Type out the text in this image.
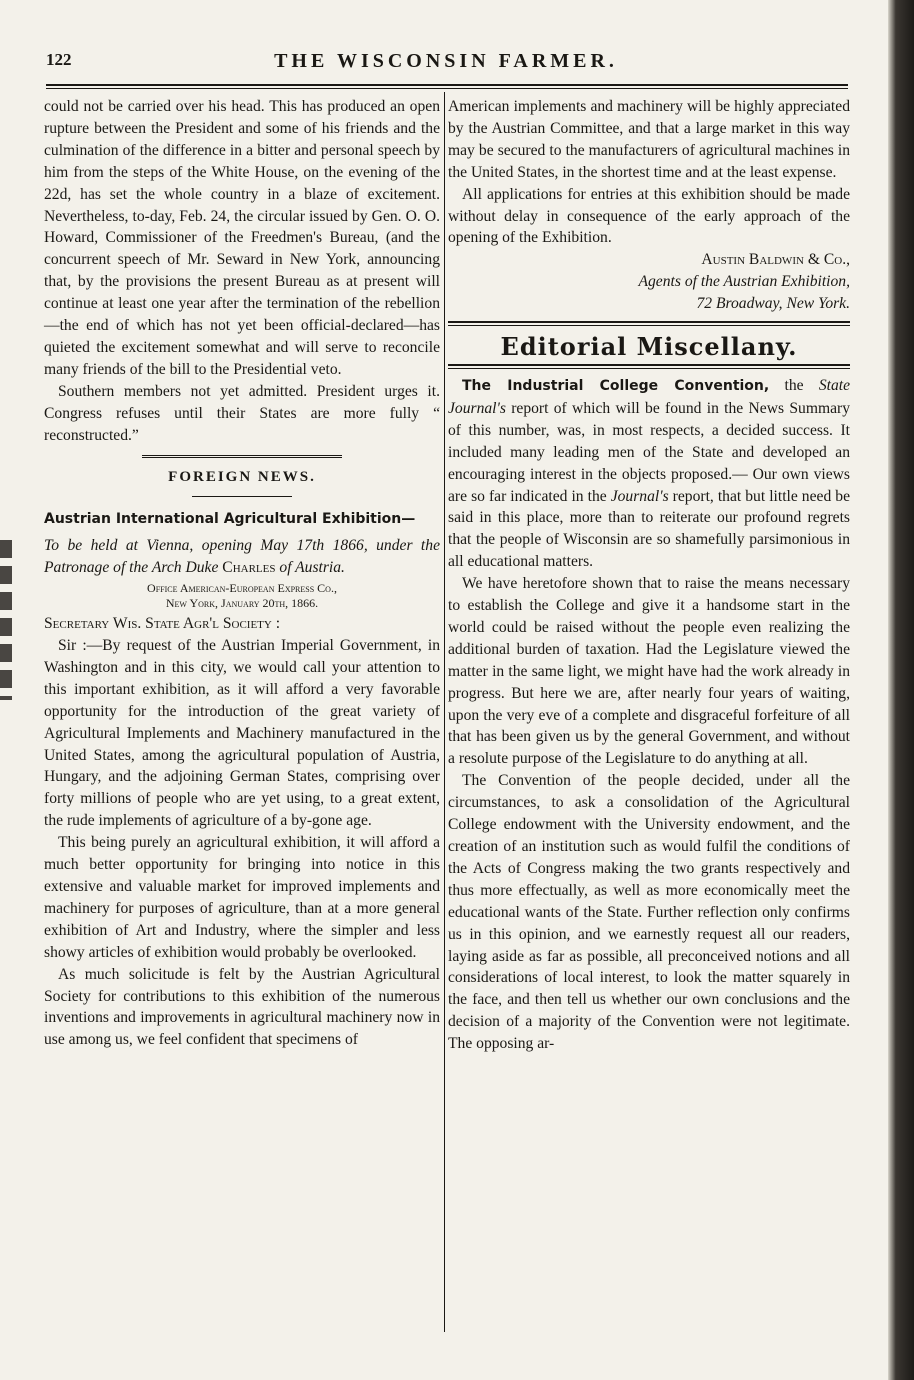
122	THE WISCONSIN FARMER.

could not be carried over his head. This has produced an open rupture between the President and some of his friends and the culmination of the difference in a bitter and personal speech by him from the steps of the White House, on the evening of the 22d, has set the whole country in a blaze of excitement. Nevertheless, to-day, Feb. 24, the circular issued by Gen. O. O. Howard, Commissioner of the Freedmen's Bureau, (and the concurrent speech of Mr. Seward in New York, announcing that, by the provisions the present Bureau as at present will continue at least one year after the termination of the rebellion—the end of which has not yet been official-declared—has quieted the excitement somewhat and will serve to reconcile many friends of the bill to the Presidential veto.

Southern members not yet admitted. President urges it. Congress refuses until their States are more fully “ reconstructed.”

FOREIGN NEWS.

Austrian International Agricultural Exhibition—

To be held at Vienna, opening May 17th 1866, under the Patronage of the Arch Duke Charles of Austria.

Office American-European Express Co.,
New York, January 20th, 1866.

Secretary Wis. State Agr'l Society :

Sir :—By request of the Austrian Imperial Government, in Washington and in this city, we would call your attention to this important exhibition, as it will afford a very favorable opportunity for the introduction of the great variety of Agricultural Implements and Machinery manufactured in the United States, among the agricultural population of Austria, Hungary, and the adjoining German States, comprising over forty millions of people who are yet using, to a great extent, the rude implements of agriculture of a by-gone age.

This being purely an agricultural exhibition, it will afford a much better opportunity for bringing into notice in this extensive and valuable market for improved implements and machinery for purposes of agriculture, than at a more general exhibition of Art and Industry, where the simpler and less showy articles of exhibition would probably be overlooked.

As much solicitude is felt by the Austrian Agricultural Society for contributions to this exhibition of the numerous inventions and improvements in agricultural machinery now in use among us, we feel confident that specimens of

American implements and machinery will be highly appreciated by the Austrian Committee, and that a large market in this way may be secured to the manufacturers of agricultural machines in the United States, in the shortest time and at the least expense.

All applications for entries at this exhibition should be made without delay in consequence of the early approach of the opening of the Exhibition.

Austin Baldwin & Co.,

Agents of the Austrian Exhibition,

72 Broadway, New York.

Editorial Miscellany.

The Industrial College Convention, the State Journal's report of which will be found in the News Summary of this number, was, in most respects, a decided success. It included many leading men of the State and developed an encouraging interest in the objects proposed.— Our own views are so far indicated in the Journal's report, that but little need be said in this place, more than to reiterate our profound regrets that the people of Wisconsin are so shamefully parsimonious in all educational matters.

We have heretofore shown that to raise the means necessary to establish the College and give it a handsome start in the world could be raised without the people even realizing the additional burden of taxation. Had the Legislature viewed the matter in the same light, we might have had the work already in progress. But here we are, after nearly four years of waiting, upon the very eve of a complete and disgraceful forfeiture of all that has been given us by the general Government, and without a resolute purpose of the Legislature to do anything at all.

The Convention of the people decided, under all the circumstances, to ask a consolidation of the Agricultural College endowment with the University endowment, and the creation of an institution such as would fulfil the conditions of the Acts of Congress making the two grants respectively and thus more effectually, as well as more economically meet the educational wants of the State. Further reflection only confirms us in this opinion, and we earnestly request all our readers, laying aside as far as possible, all preconceived notions and all considerations of local interest, to look the matter squarely in the face, and then tell us whether our own conclusions and the decision of a majority of the Convention were not legitimate. The opposing ar-
